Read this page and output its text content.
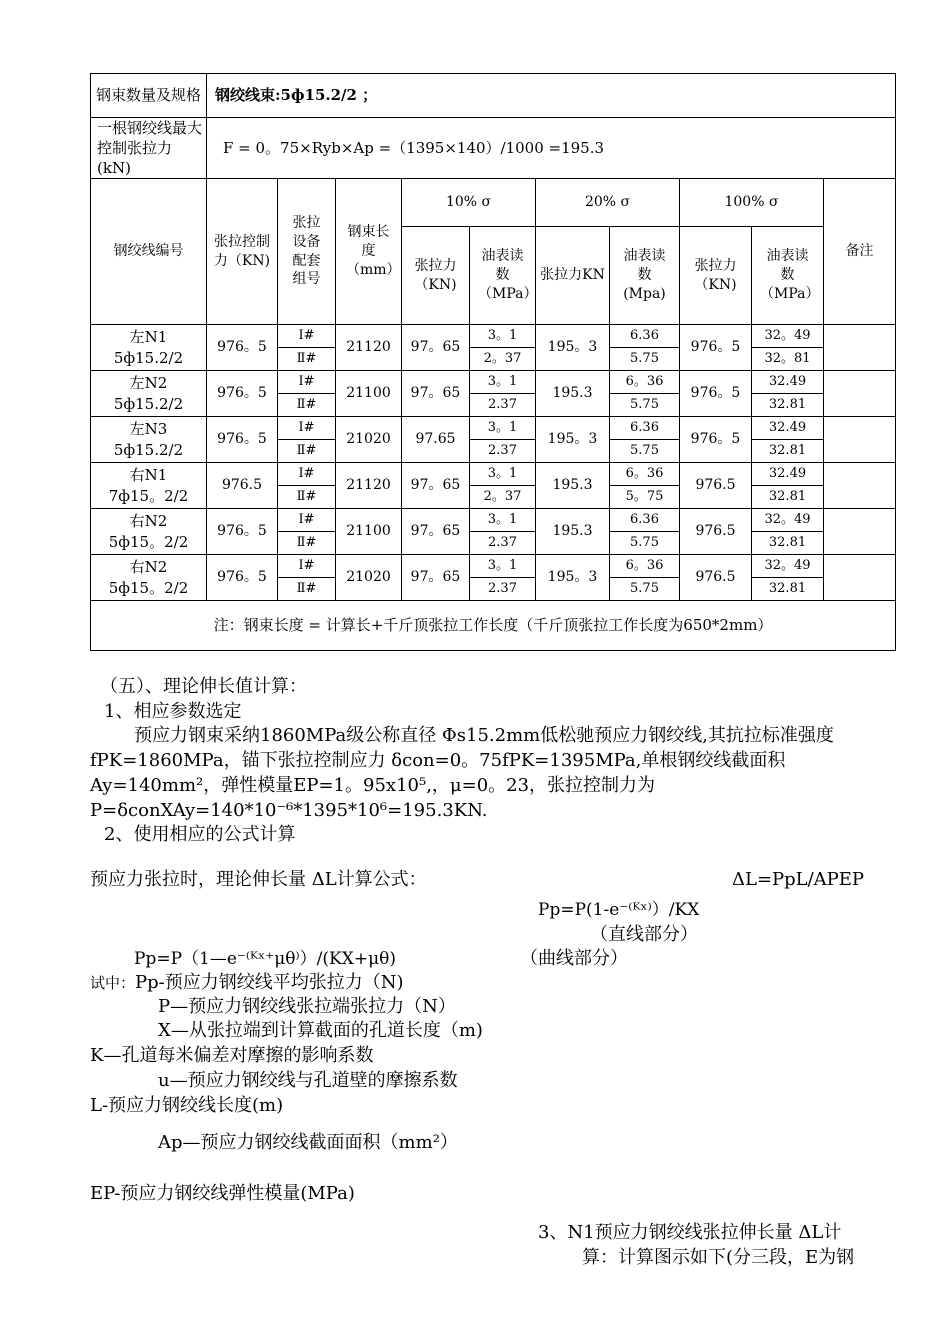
钢束数量及规格	钢绞线束:5ф15.2/2 ；									
一根钢绞线最大控制张拉力(kN)	F = 0。75×Ryb×Ap =（1395×140）/1000 =195.3									
钢绞线编号	张拉控制力（KN)	张拉设备配套组号	钢束长度（mm）	10% σ		20% σ		100% σ		备注
				张拉力（KN)	油表读数（MPa）	张拉力KN	油表读数(Mpa)	张拉力（KN)	油表读数（MPa）	

左N1
5ф15.2/2	976。5	Ⅰ#	21120	97。65	3。1	195。3	6.36	976。5	32。49	
		Ⅱ#			2。37		5.75		32。81	

左N2
5ф15.2/2	976。5	Ⅰ#	21100	97。65	3。1	195.3	6。36	976。5	32.49	
		Ⅱ#			2.37		5.75		32.81	

左N3
5ф15.2/2	976。5	Ⅰ#	21020	97.65	3。1	195。3	6.36	976。5	32.49	
		Ⅱ#			2.37		5.75		32.81	

右N1
7ф15。2/2	976.5	Ⅰ#	21120	97。65	3。1	195.3	6。36	976.5	32.49	
		Ⅱ#			2。37		5。75		32.81	

右N2
5ф15。2/2	976。5	Ⅰ#	21100	97。65	3。1	195.3	6.36	976.5	32。49	
		Ⅱ#			2.37		5.75		32.81	

右N2
5ф15。2/2	976。5	Ⅰ#	21020	97。65	3。1	195。3	6。36	976.5	32。49	
		Ⅱ#			2.37		5.75		32.81	
注：钢束长度 = 计算长+千斤顶张拉工作长度（千斤顶张拉工作长度为650*2mm）										
（五）、理论伸长值计算：
1、相应参数选定
预应力钢束采纳1860MPa级公称直径 Φs15.2mm低松驰预应力钢绞线,其抗拉标准强度 fPK=1860MPa，锚下张拉控制应力 δcon=0。75fPK=1395MPa,单根钢绞线截面积 Ay=140mm²，弹性模量EP=1。95x10⁵,，μ=0。23，张拉控制力为P=δconXAy=140*10⁻⁶*1395*10⁶=195.3KN.
2、使用相应的公式计算
预应力张拉时，理论伸长量 ΔL计算公式：	ΔL=PpL/APEP
Pp=P(1-e⁻⁽ᴷˣ⁾）/KX
（直线部分）
Pp=P（1—e⁻⁽ᴷˣ⁺μθ⁾）/(KX+μθ)	（曲线部分）
试中：Pp-预应力钢绞线平均张拉力（N)
P—预应力钢绞线张拉端张拉力（N）
X—从张拉端到计算截面的孔道长度（m)
K—孔道每米偏差对摩擦的影响系数
u—预应力钢绞线与孔道壁的摩擦系数
L-预应力钢绞线长度(m)
Ap—预应力钢绞线截面面积（mm²）
EP-预应力钢绞线弹性模量(MPa)
3、N1预应力钢绞线张拉伸长量 ΔL计
算：计算图示如下(分三段，E为钢
